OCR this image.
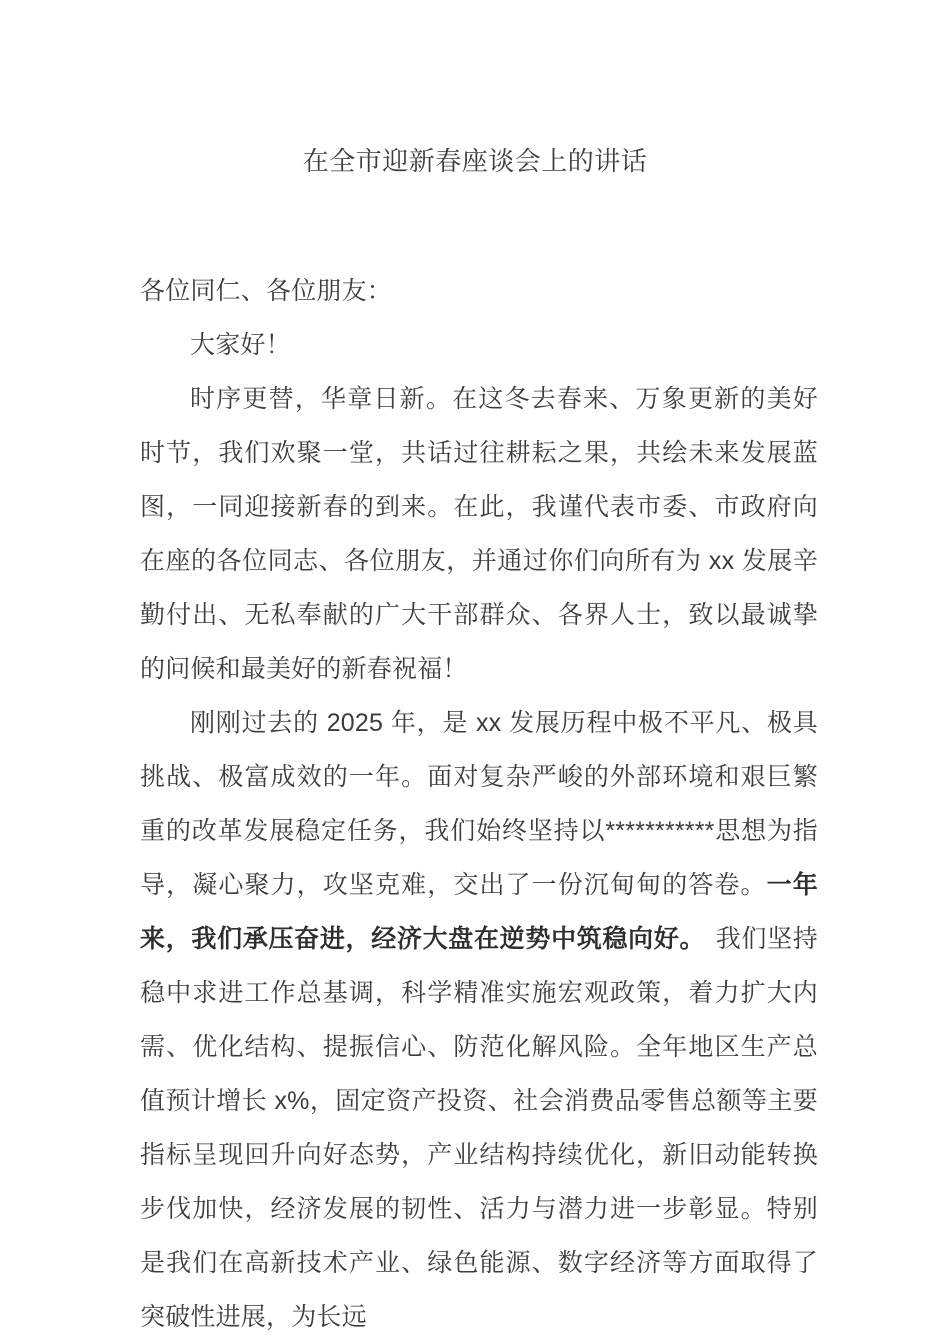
在全市迎新春座谈会上的讲话

各位同仁、各位朋友：

大家好！

时序更替，华章日新。在这冬去春来、万象更新的美好时节，我们欢聚一堂，共话过往耕耘之果，共绘未来发展蓝图，一同迎接新春的到来。在此，我谨代表市委、市政府向在座的各位同志、各位朋友，并通过你们向所有为 xx 发展辛勤付出、无私奉献的广大干部群众、各界人士，致以最诚挚的问候和最美好的新春祝福！

刚刚过去的 2025 年，是 xx 发展历程中极不平凡、极具挑战、极富成效的一年。面对复杂严峻的外部环境和艰巨繁重的改革发展稳定任务，我们始终坚持以***********思想为指导，凝心聚力，攻坚克难，交出了一份沉甸甸的答卷。一年来，我们承压奋进，经济大盘在逆势中筑稳向好。 我们坚持稳中求进工作总基调，科学精准实施宏观政策，着力扩大内需、优化结构、提振信心、防范化解风险。全年地区生产总值预计增长 x%，固定资产投资、社会消费品零售总额等主要指标呈现回升向好态势，产业结构持续优化，新旧动能转换步伐加快，经济发展的韧性、活力与潜力进一步彰显。特别是我们在高新技术产业、绿色能源、数字经济等方面取得了突破性进展，为长远
